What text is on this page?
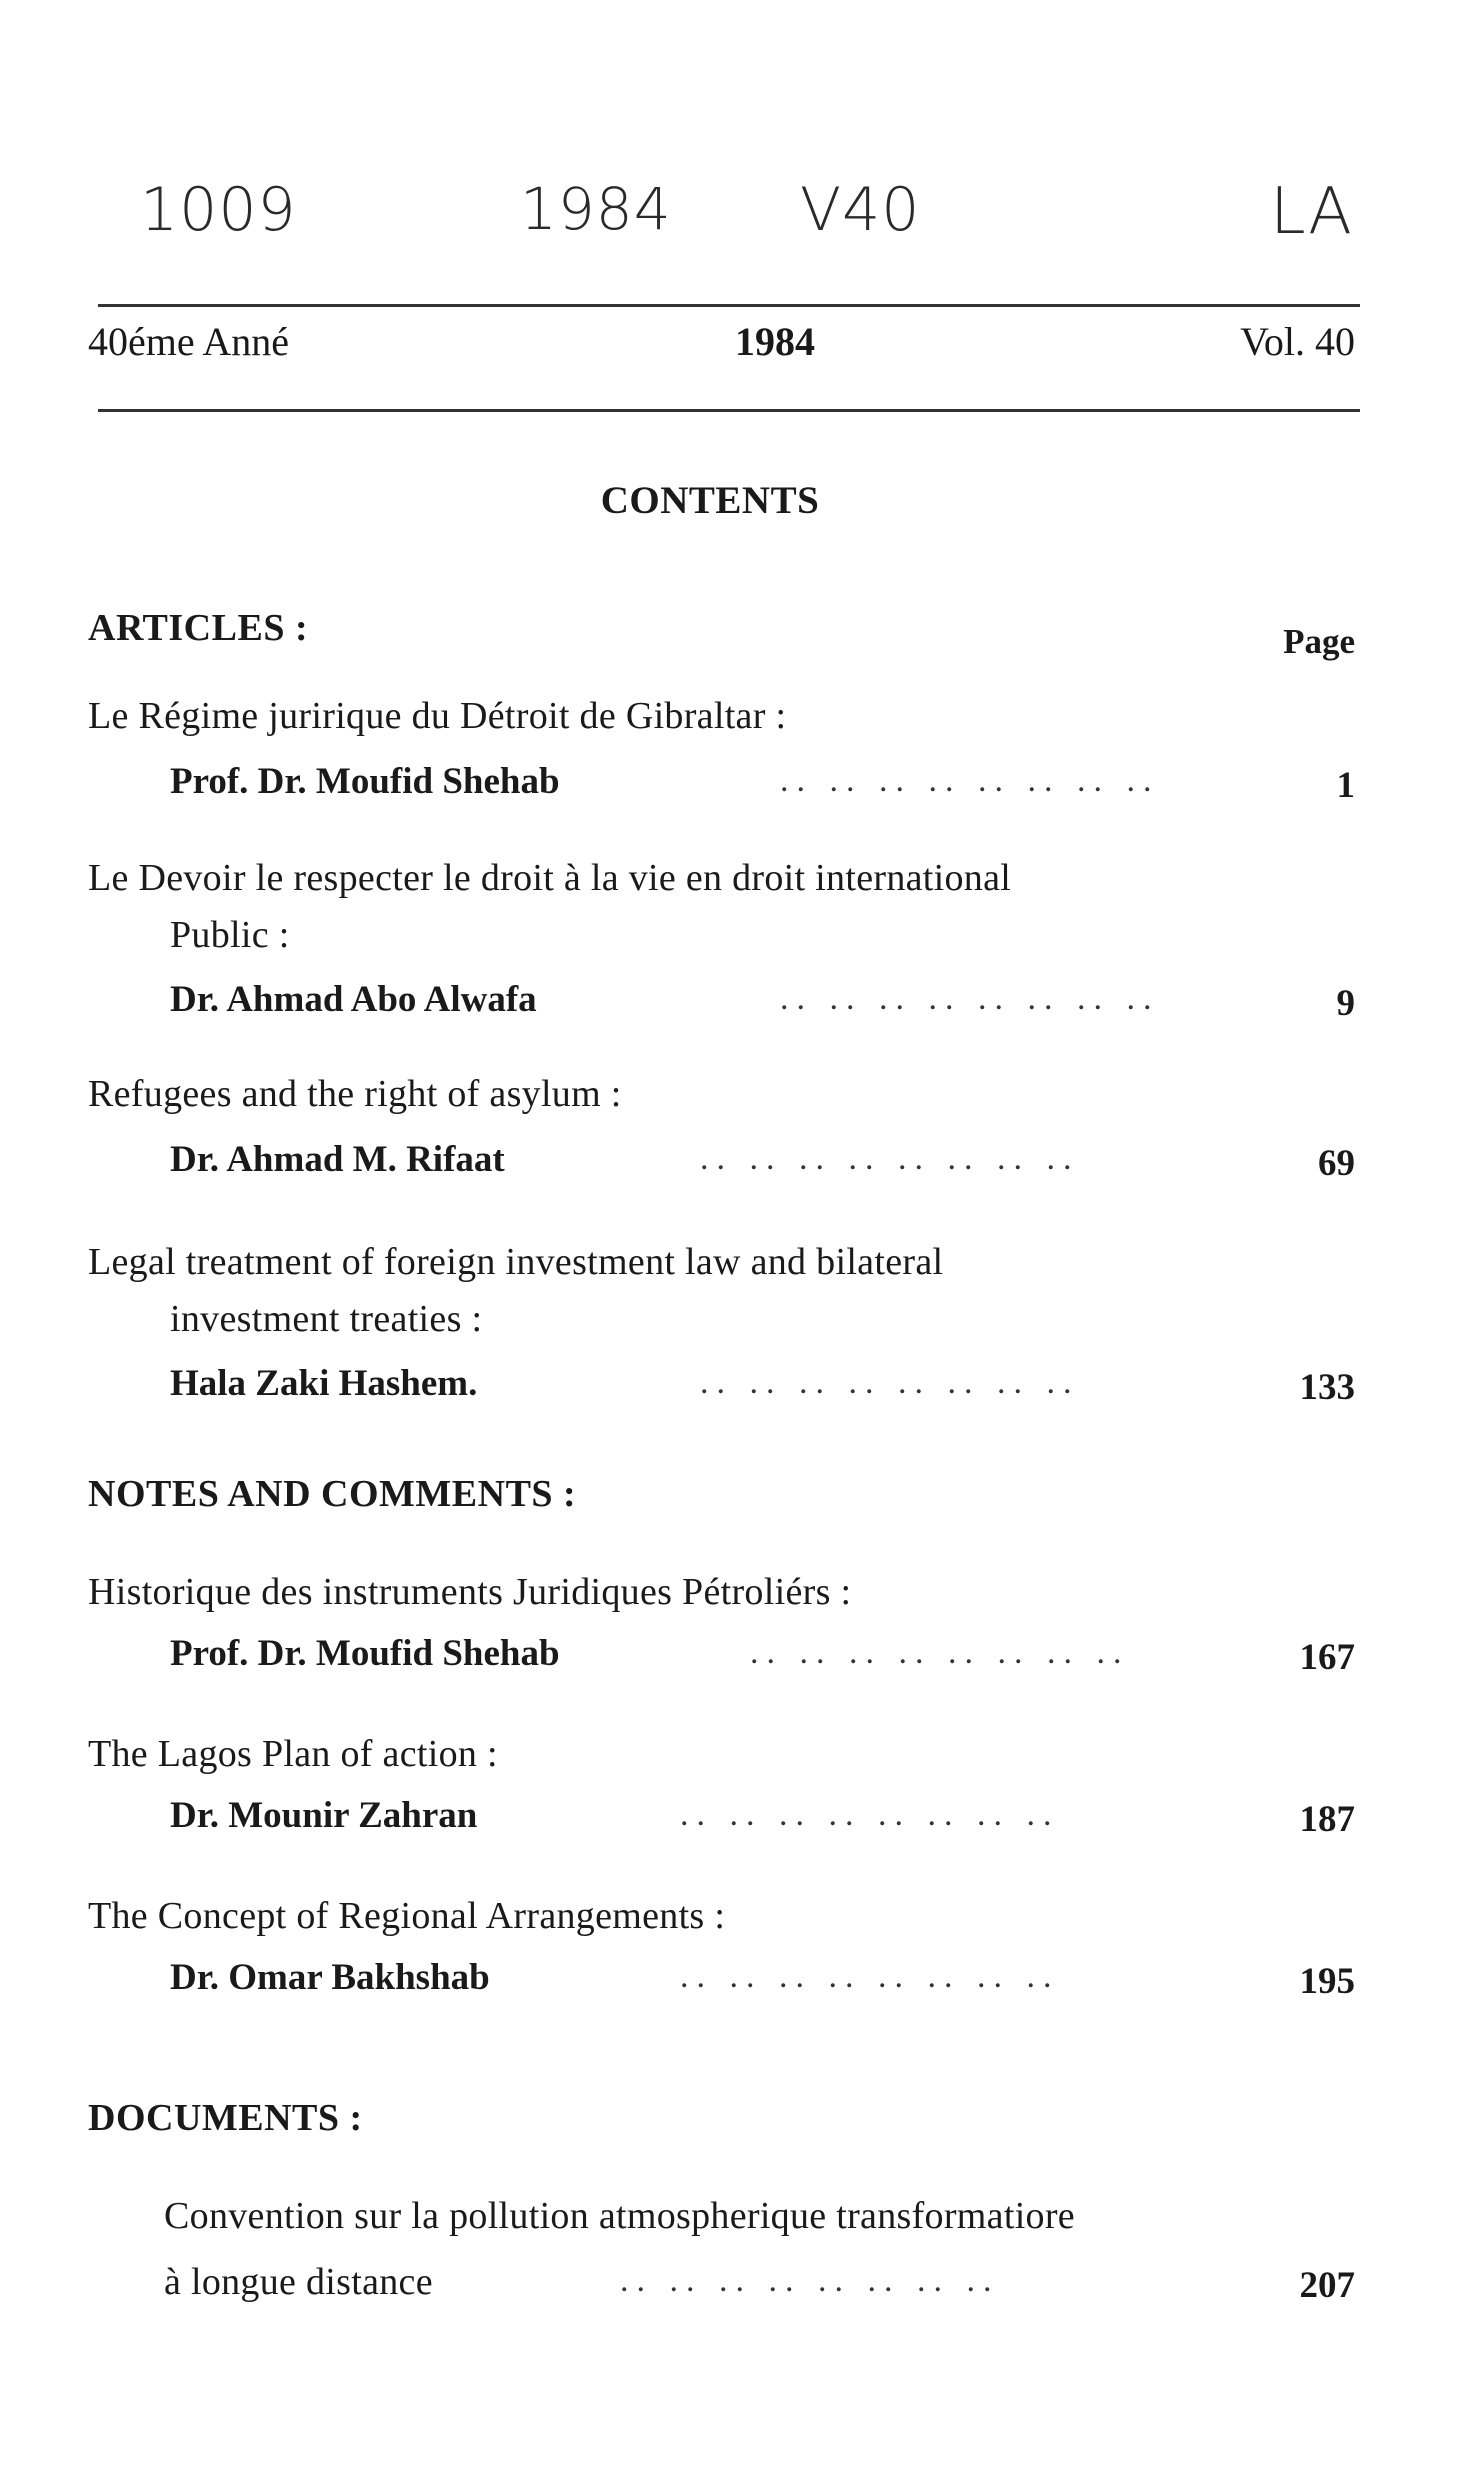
1009	1984 V40	LA
40éme Anné	1984	Vol. 40
CONTENTS
ARTICLES :	Page
Le Régime juririque du Détroit de Gibraltar :
Prof. Dr. Moufid Shehab	.. .. .. .. .. .. .. ..	1
Le Devoir le respecter le droit à la vie en droit international
Public :
Dr. Ahmad Abo Alwafa	.. .. .. .. .. .. .. ..	9
Refugees and the right of asylum :
Dr. Ahmad M. Rifaat	.. .. .. .. .. .. .. ..	69
Legal treatment of foreign investment law and bilateral
investment treaties :
Hala Zaki Hashem.	.. .. .. .. .. .. .. ..	133
NOTES AND COMMENTS :
Historique des instruments Juridiques Pétroliérs :
Prof. Dr. Moufid Shehab	.. .. .. .. .. .. .. ..	167
The Lagos Plan of action :
Dr. Mounir Zahran	.. .. .. .. .. .. .. ..	187
The Concept of Regional Arrangements :
Dr. Omar Bakhshab	.. .. .. .. .. .. .. ..	195
DOCUMENTS :
Convention sur la pollution atmospherique transformatiore
à longue distance	.. .. .. .. .. .. .. ..	207
